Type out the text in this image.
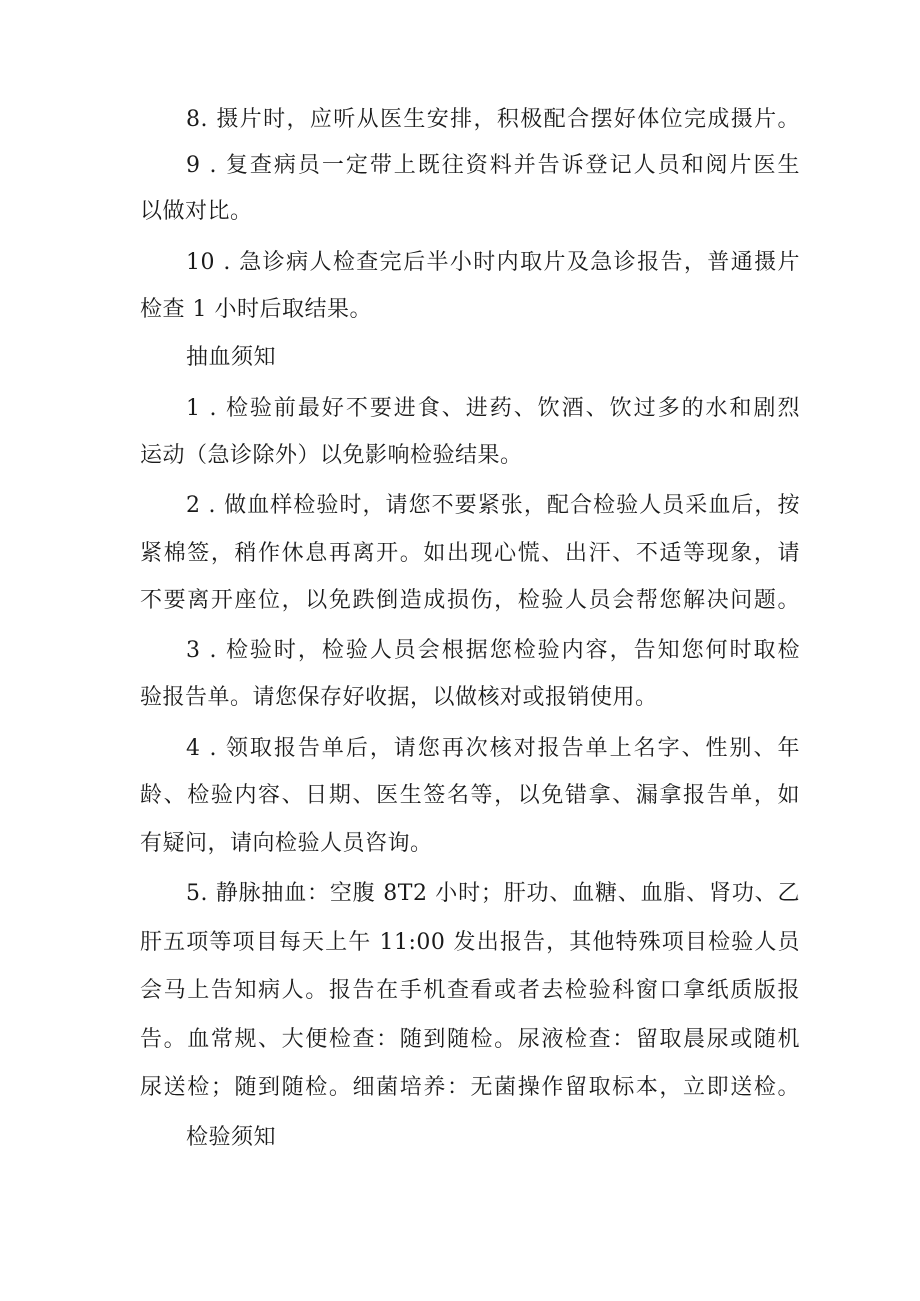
8. 摄片时，应听从医生安排，积极配合摆好体位完成摄片。
9 . 复查病员一定带上既往资料并告诉登记人员和阅片医生
以做对比。
10 . 急诊病人检查完后半小时内取片及急诊报告，普通摄片
检查 1 小时后取结果。
抽血须知
1 . 检验前最好不要进食、进药、饮酒、饮过多的水和剧烈
运动（急诊除外）以免影响检验结果。
2 . 做血样检验时，请您不要紧张，配合检验人员采血后，按
紧棉签，稍作休息再离开。如出现心慌、出汗、不适等现象，请
不要离开座位，以免跌倒造成损伤，检验人员会帮您解决问题。
3 . 检验时，检验人员会根据您检验内容，告知您何时取检
验报告单。请您保存好收据，以做核对或报销使用。
4 . 领取报告单后，请您再次核对报告单上名字、性别、年
龄、检验内容、日期、医生签名等，以免错拿、漏拿报告单，如
有疑问，请向检验人员咨询。
5. 静脉抽血：空腹 8T2 小时；肝功、血糖、血脂、肾功、乙
肝五项等项目每天上午 11:00 发出报告，其他特殊项目检验人员
会马上告知病人。报告在手机查看或者去检验科窗口拿纸质版报
告。血常规、大便检查：随到随检。尿液检查：留取晨尿或随机
尿送检；随到随检。细菌培养：无菌操作留取标本，立即送检。
检验须知
